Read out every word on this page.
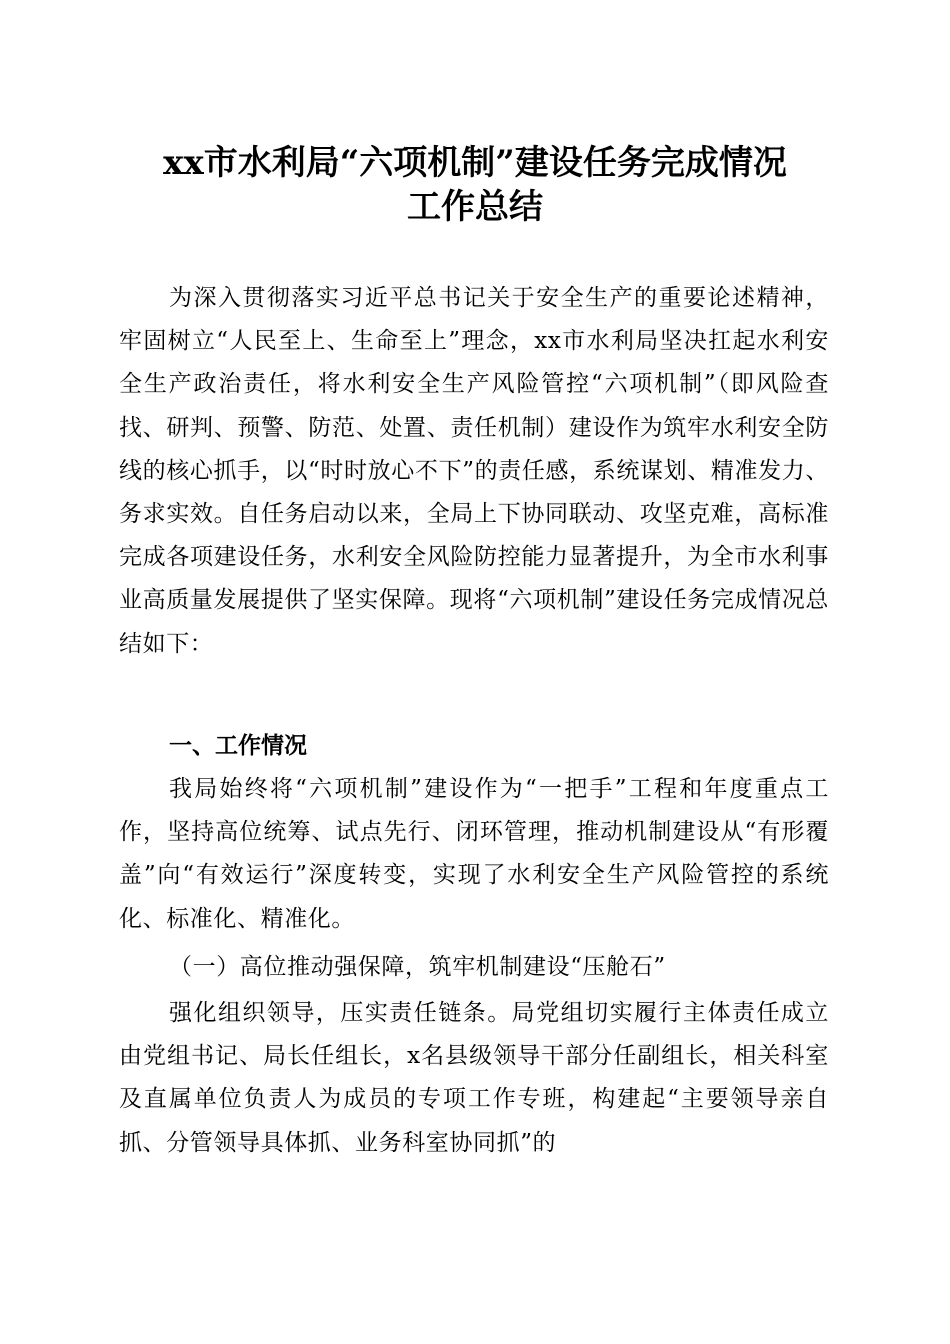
xx市水利局“六项机制”建设任务完成情况
工作总结
为深入贯彻落实习近平总书记关于安全生产的重要论述精神，牢固树立“人民至上、生命至上”理念，xx市水利局坚决扛起水利安全生产政治责任，将水利安全生产风险管控“六项机制”（即风险查找、研判、预警、防范、处置、责任机制）建设作为筑牢水利安全防线的核心抓手，以“时时放心不下”的责任感，系统谋划、精准发力、务求实效。自任务启动以来，全局上下协同联动、攻坚克难，高标准完成各项建设任务，水利安全风险防控能力显著提升，为全市水利事业高质量发展提供了坚实保障。现将“六项机制”建设任务完成情况总结如下：
一、工作情况
我局始终将“六项机制”建设作为“一把手”工程和年度重点工作，坚持高位统筹、试点先行、闭环管理，推动机制建设从“有形覆盖”向“有效运行”深度转变，实现了水利安全生产风险管控的系统化、标准化、精准化。
（一）高位推动强保障，筑牢机制建设“压舱石”
强化组织领导，压实责任链条。局党组切实履行主体责任成立由党组书记、局长任组长，x名县级领导干部分任副组长，相关科室及直属单位负责人为成员的专项工作专班，构建起“主要领导亲自抓、分管领导具体抓、业务科室协同抓”的
